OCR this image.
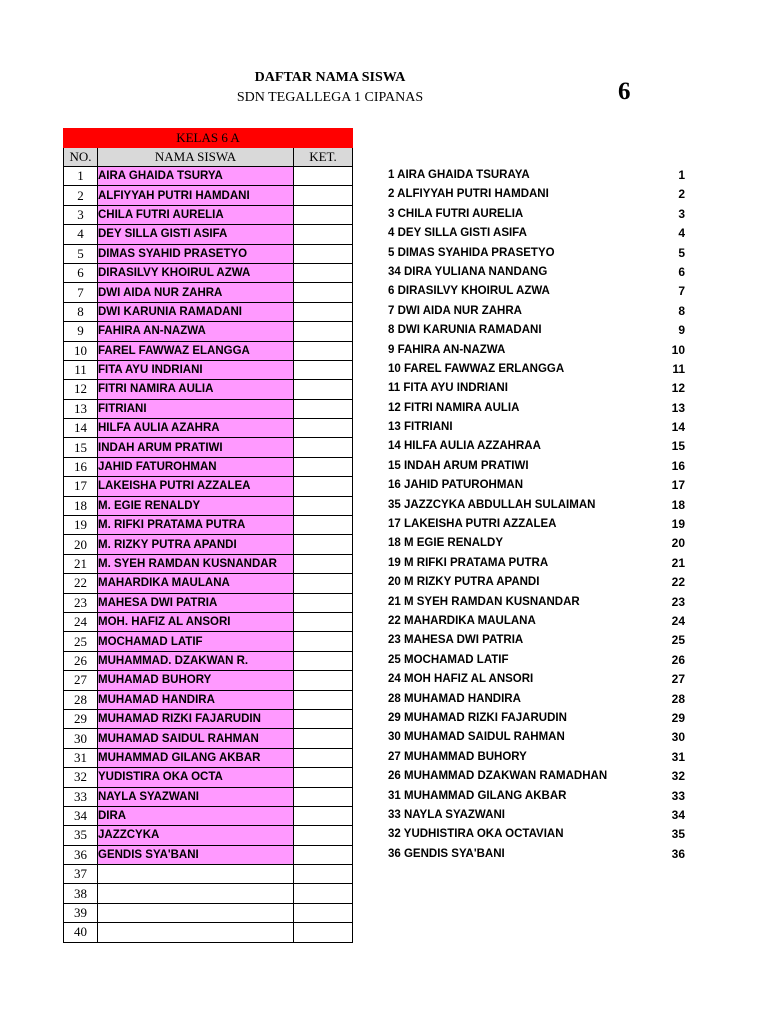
DAFTAR NAMA SISWA
SDN TEGALLEGA 1 CIPANAS	6
KELAS 6 A		
NO.	NAMA SISWA	KET.
1	AIRA GHAIDA TSURYA	
2	ALFIYYAH PUTRI HAMDANI	
3	CHILA FUTRI AURELIA	
4	DEY SILLA GISTI ASIFA	
5	DIMAS SYAHID PRASETYO	
6	DIRASILVY KHOIRUL AZWA	
7	DWI AIDA NUR ZAHRA	
8	DWI KARUNIA RAMADANI	
9	FAHIRA AN-NAZWA	
10	FAREL FAWWAZ ELANGGA	
11	FITA AYU INDRIANI	
12	FITRI NAMIRA AULIA	
13	FITRIANI	
14	HILFA AULIA AZAHRA	
15	INDAH ARUM PRATIWI	
16	JAHID FATUROHMAN	
17	LAKEISHA PUTRI AZZALEA	
18	M. EGIE RENALDY	
19	M. RIFKI PRATAMA PUTRA	
20	M. RIZKY PUTRA APANDI	
21	M. SYEH RAMDAN KUSNANDAR	
22	MAHARDIKA MAULANA	
23	MAHESA DWI PATRIA	
24	MOH. HAFIZ AL ANSORI	
25	MOCHAMAD LATIF	
26	MUHAMMAD. DZAKWAN R.	
27	MUHAMAD BUHORY	
28	MUHAMAD HANDIRA	
29	MUHAMAD RIZKI FAJARUDIN	
30	MUHAMAD SAIDUL RAHMAN	
31	MUHAMMAD GILANG AKBAR	
32	YUDISTIRA OKA OCTA	
33	NAYLA SYAZWANI	
34	DIRA	
35	JAZZCYKA	
36	GENDIS SYA'BANI	
37		
38		
39		
40		
1 AIRA GHAIDA TSURAYA	1
2 ALFIYYAH PUTRI HAMDANI	2
3 CHILA FUTRI AURELIA	3
4 DEY SILLA GISTI ASIFA	4
5 DIMAS SYAHIDA PRASETYO	5
34 DIRA YULIANA NANDANG	6
6 DIRASILVY KHOIRUL AZWA	7
7 DWI AIDA NUR ZAHRA	8
8 DWI KARUNIA RAMADANI	9
9 FAHIRA AN-NAZWA	10
10 FAREL FAWWAZ ERLANGGA	11
11 FITA AYU INDRIANI	12
12 FITRI NAMIRA AULIA	13
13 FITRIANI	14
14 HILFA AULIA AZZAHRAA	15
15 INDAH ARUM PRATIWI	16
16 JAHID PATUROHMAN	17
35 JAZZCYKA ABDULLAH SULAIMAN	18
17 LAKEISHA PUTRI AZZALEA	19
18 M EGIE RENALDY	20
19 M RIFKI PRATAMA PUTRA	21
20 M RIZKY PUTRA APANDI	22
21 M SYEH RAMDAN KUSNANDAR	23
22 MAHARDIKA MAULANA	24
23 MAHESA DWI PATRIA	25
25 MOCHAMAD LATIF	26
24 MOH HAFIZ AL ANSORI	27
28 MUHAMAD HANDIRA	28
29 MUHAMAD RIZKI FAJARUDIN	29
30 MUHAMAD SAIDUL RAHMAN	30
27 MUHAMMAD BUHORY	31
26 MUHAMMAD DZAKWAN RAMADHAN	32
31 MUHAMMAD GILANG AKBAR	33
33 NAYLA SYAZWANI	34
32 YUDHISTIRA OKA OCTAVIAN	35
36 GENDIS SYA'BANI	36
